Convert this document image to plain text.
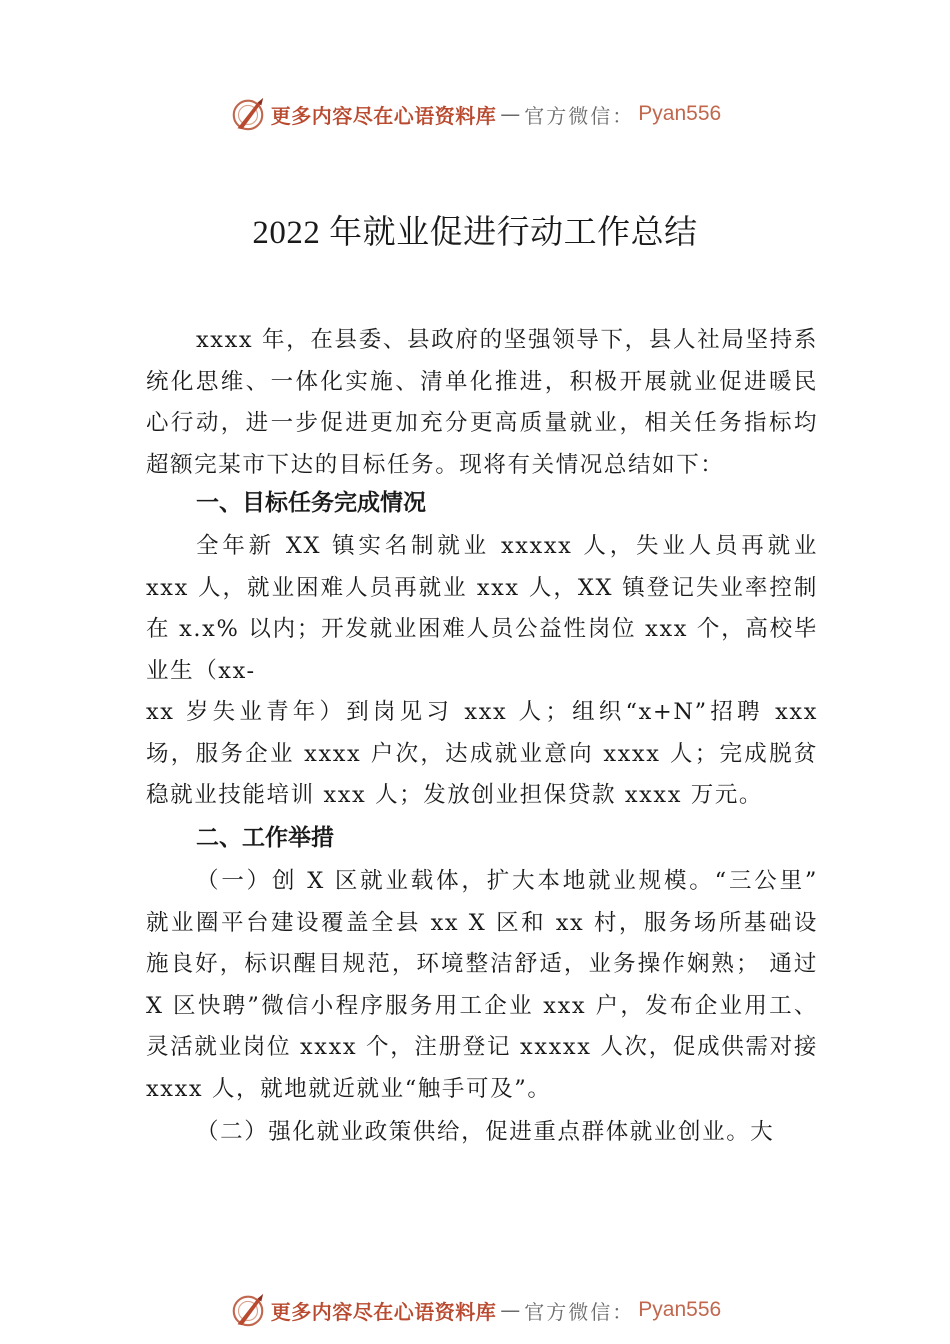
更多内容尽在心语资料库 — 官方微信： Pyan556
2022 年就业促进行动工作总结

xxxx 年，在县委、县政府的坚强领导下，县人社局坚持系统化思维、一体化实施、清单化推进，积极开展就业促进暖民心行动，进一步促进更加充分更高质量就业，相关任务指标均超额完某市下达的目标任务。现将有关情况总结如下：

一、目标任务完成情况

全年新 XX 镇实名制就业 xxxxx 人，失业人员再就业 xxx 人，就业困难人员再就业 xxx 人，XX 镇登记失业率控制在 x.x% 以内；开发就业困难人员公益性岗位 xxx 个，高校毕业生（xx-

xx 岁失业青年）到岗见习 xxx 人；组织“x+N”招聘 xxx 场，服务企业 xxxx 户次，达成就业意向 xxxx 人；完成脱贫稳就业技能培训 xxx 人；发放创业担保贷款 xxxx 万元。

二、工作举措

（一）创 X 区就业载体，扩大本地就业规模。“三公里” 就业圈平台建设覆盖全县 xx X 区和 xx 村，服务场所基础设施良好，标识醒目规范，环境整洁舒适，业务操作娴熟； 通过 X 区快聘”微信小程序服务用工企业 xxx 户，发布企业用工、灵活就业岗位 xxxx 个，注册登记 xxxxx 人次，促成供需对接 xxxx 人，就地就近就业“触手可及”。

（二）强化就业政策供给，促进重点群体就业创业。大

更多内容尽在心语资料库 — 官方微信： Pyan556
